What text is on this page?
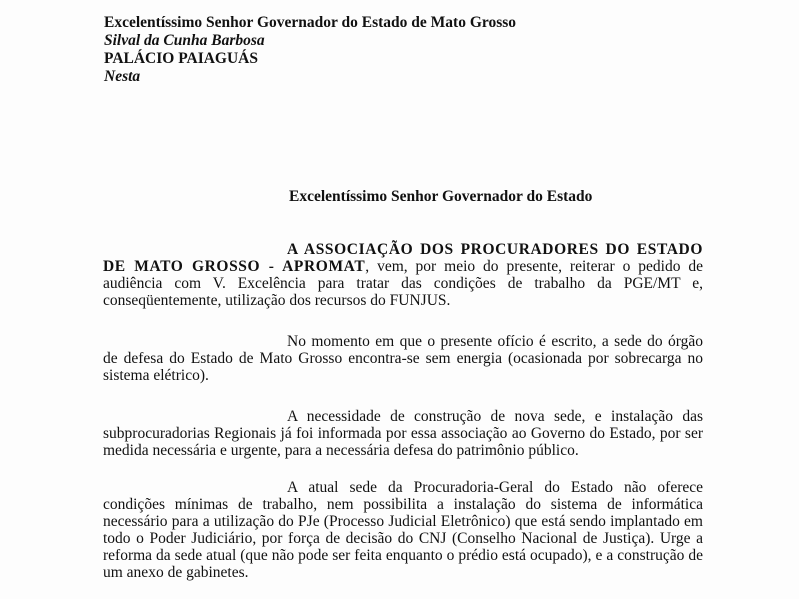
Excelentíssimo Senhor Governador do Estado de Mato Grosso
Silval da Cunha Barbosa
PALÁCIO PAIAGUÁS
Nesta
Excelentíssimo Senhor Governador do Estado
A ASSOCIAÇÃO DOS PROCURADORES DO ESTADO DE MATO GROSSO - APROMAT, vem, por meio do presente, reiterar o pedido de audiência com V. Excelência para tratar das condições de trabalho da PGE/MT e, conseqüentemente, utilização dos recursos do FUNJUS.
No momento em que o presente ofício é escrito, a sede do órgão de defesa do Estado de Mato Grosso encontra-se sem energia (ocasionada por sobrecarga no sistema elétrico).
A necessidade de construção de nova sede, e instalação das subprocuradorias Regionais já foi informada por essa associação ao Governo do Estado, por ser medida necessária e urgente, para a necessária defesa do patrimônio público.
A atual sede da Procuradoria-Geral do Estado não oferece condições mínimas de trabalho, nem possibilita a instalação do sistema de informática necessário para a utilização do PJe (Processo Judicial Eletrônico) que está sendo implantado em todo o Poder Judiciário, por força de decisão do CNJ (Conselho Nacional de Justiça). Urge a reforma da sede atual (que não pode ser feita enquanto o prédio está ocupado), e a construção de um anexo de gabinetes.
